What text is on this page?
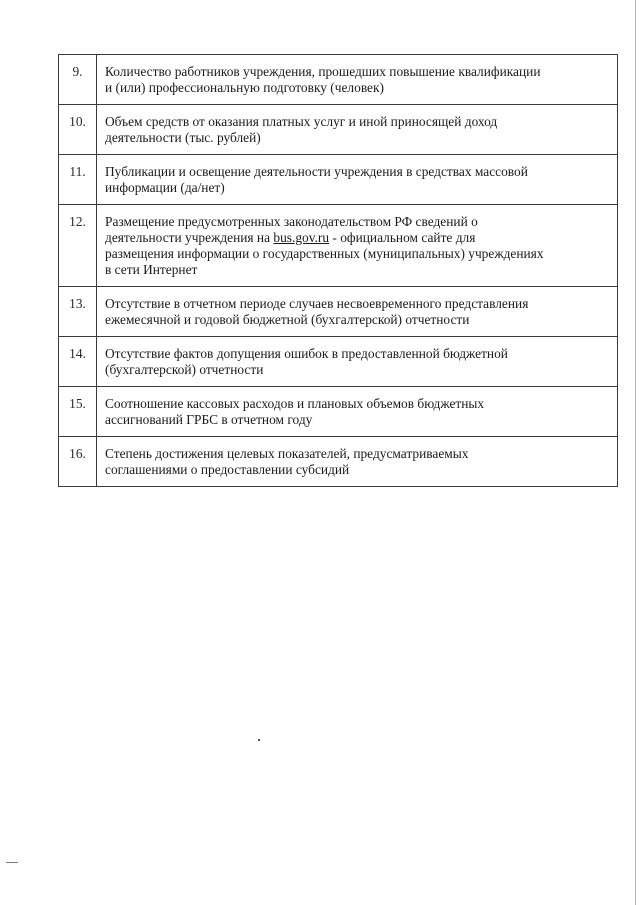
9.	Количество работников учреждения, прошедших повышение квалификации
и (или) профессиональную подготовку (человек)

10.	Объем средств от оказания платных услуг и иной приносящей доход
деятельности (тыс. рублей)

11.	Публикации и освещение деятельности учреждения в средствах массовой
информации (да/нет)

12.	Размещение предусмотренных законодательством РФ сведений о
деятельности учреждения на bus.gov.ru - официальном сайте для
размещения информации о государственных (муниципальных) учреждениях
в сети Интернет

13.	Отсутствие в отчетном периоде случаев несвоевременного представления
ежемесячной и годовой бюджетной (бухгалтерской) отчетности

14.	Отсутствие фактов допущения ошибок в предоставленной бюджетной
(бухгалтерской) отчетности

15.	Соотношение кассовых расходов и плановых объемов бюджетных
ассигнований ГРБС в отчетном году

16.	Степень достижения целевых показателей, предусматриваемых
соглашениями о предоставлении субсидий
